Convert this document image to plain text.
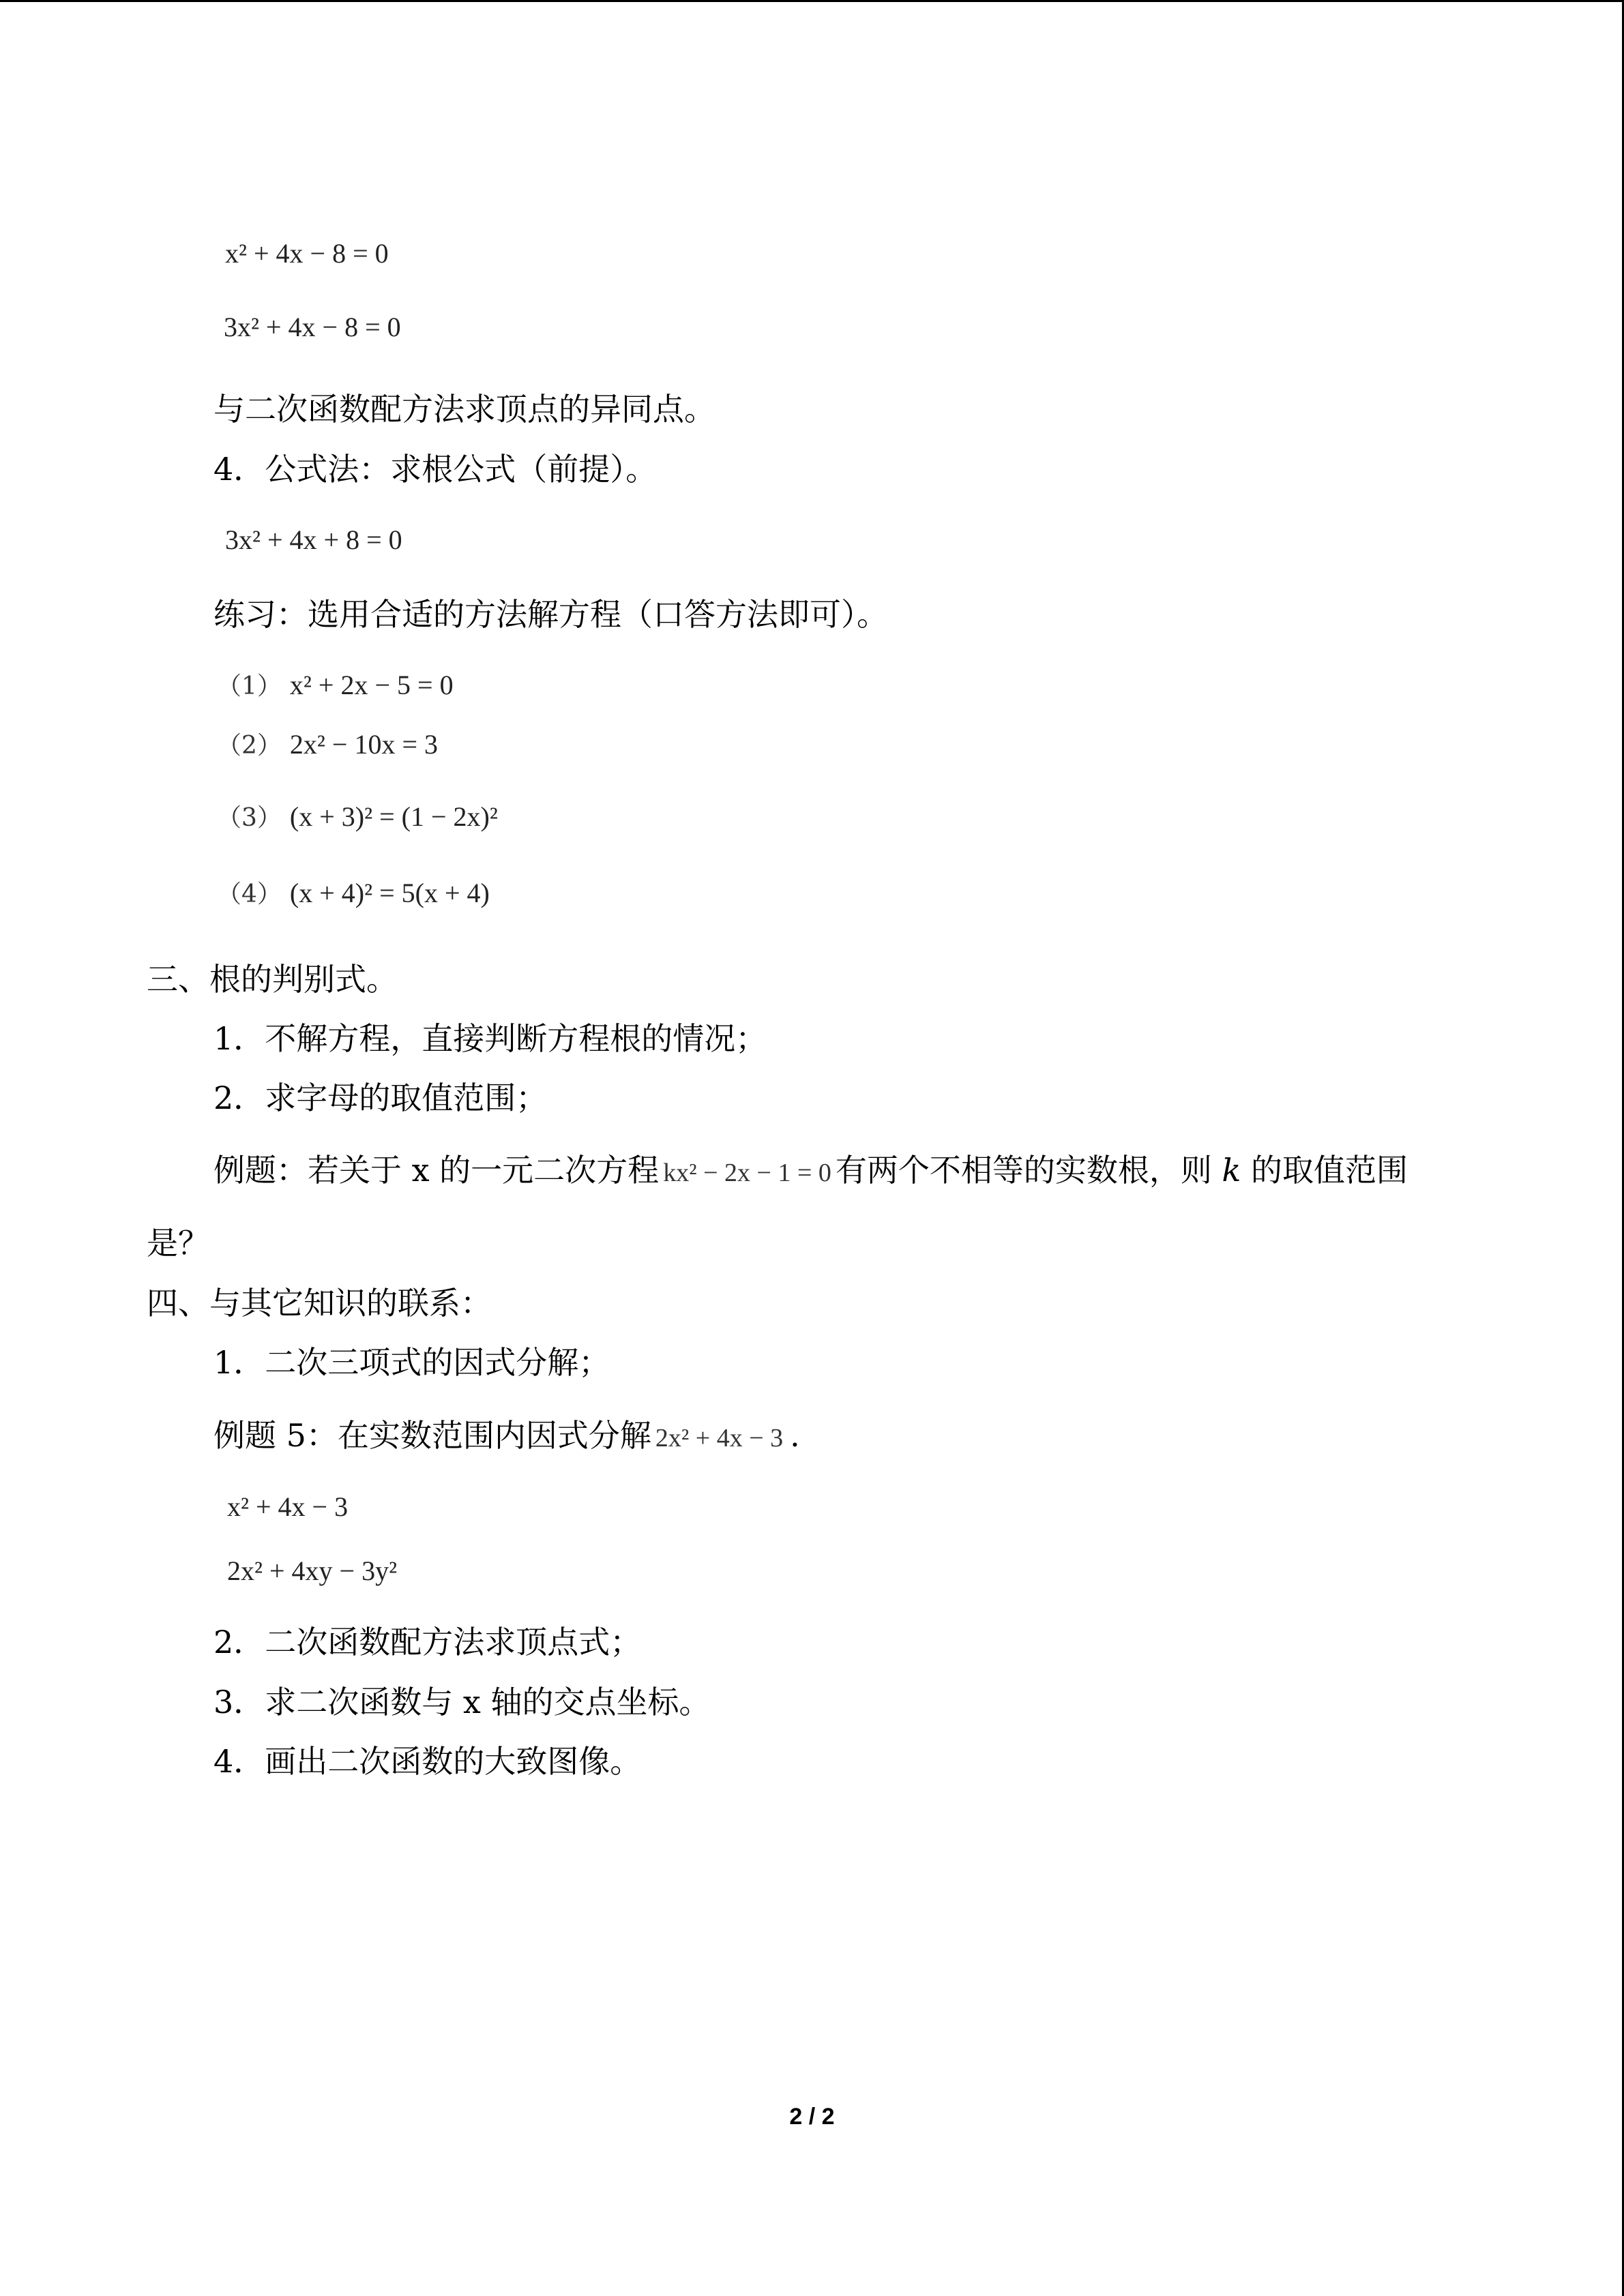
x² + 4x − 8 = 0
3x² + 4x − 8 = 0
与二次函数配方法求顶点的异同点。
4．公式法：求根公式（前提）。
3x² + 4x + 8 = 0
练习：选用合适的方法解方程（口答方法即可）。
（1） x² + 2x − 5 = 0
（2） 2x² − 10x = 3
（3） (x + 3)² = (1 − 2x)²
（4） (x + 4)² = 5(x + 4)
三、根的判别式。
1．不解方程，直接判断方程根的情况；
2．求字母的取值范围；
例题：若关于 x 的一元二次方程 kx² − 2x − 1 = 0 有两个不相等的实数根，则 k 的取值范围
是？
四、与其它知识的联系：
1．二次三项式的因式分解；
例题 5：在实数范围内因式分解 2x² + 4x − 3 .
x² + 4x − 3
2x² + 4xy − 3y²
2．二次函数配方法求顶点式；
3．求二次函数与 x 轴的交点坐标。
4．画出二次函数的大致图像。
2 / 2
